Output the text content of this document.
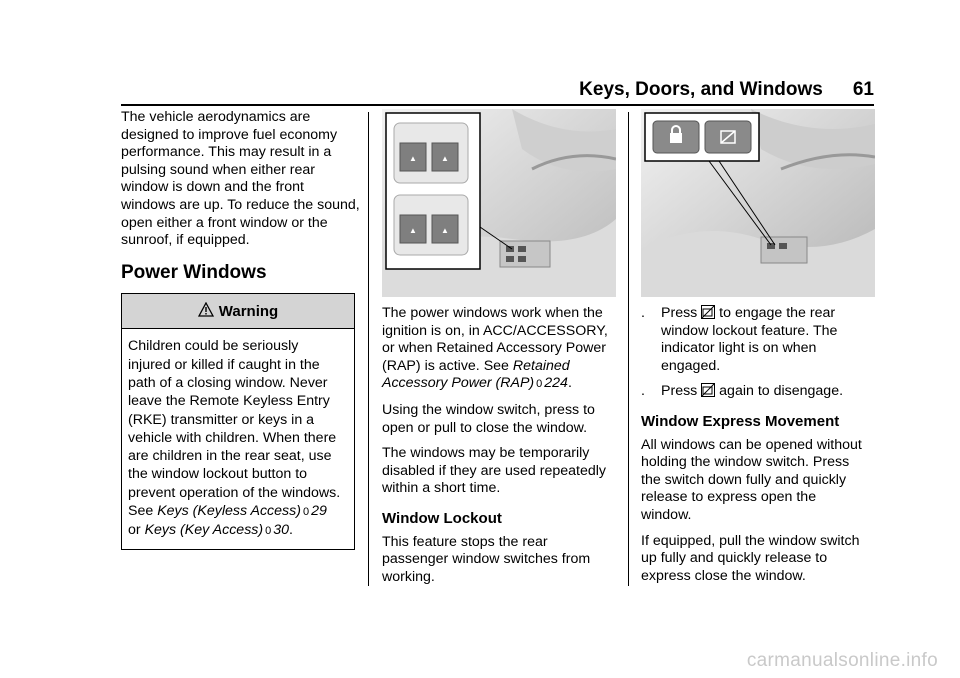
Keys, Doors, and Windows 61

The vehicle aerodynamics are designed to improve fuel economy performance. This may result in a pulsing sound when either rear window is down and the front windows are up. To reduce the sound, open either a front window or the sunroof, if equipped.

Power Windows
Warning
Children could be seriously
injured or killed if caught in the
path of a closing window. Never
leave the Remote Keyless Entry
(RKE) transmitter or keys in a
vehicle with children. When there
are children in the rear seat, use
the window lockout button to
prevent operation of the windows.
See Keys (Keyless Access) 0 29
or Keys (Key Access) 0 30.
▲	▲
▲	▲

The power windows work when the
ignition is on, in ACC/ACCESSORY,
or when Retained Accessory Power
(RAP) is active. See Retained
Accessory Power (RAP) 0 224.

Using the window switch, press to
open or pull to close the window.

The windows may be temporarily
disabled if they are used repeatedly
within a short time.

Window Lockout

This feature stops the rear
passenger window switches from
working.

.	Press to engage the rear
window lockout feature. The
indicator light is on when
engaged.
.	Press again to disengage.
Window Express Movement

All windows can be opened without
holding the window switch. Press
the switch down fully and quickly
release to express open the
window.

If equipped, pull the window switch
up fully and quickly release to
express close the window.

carmanualsonline.info
